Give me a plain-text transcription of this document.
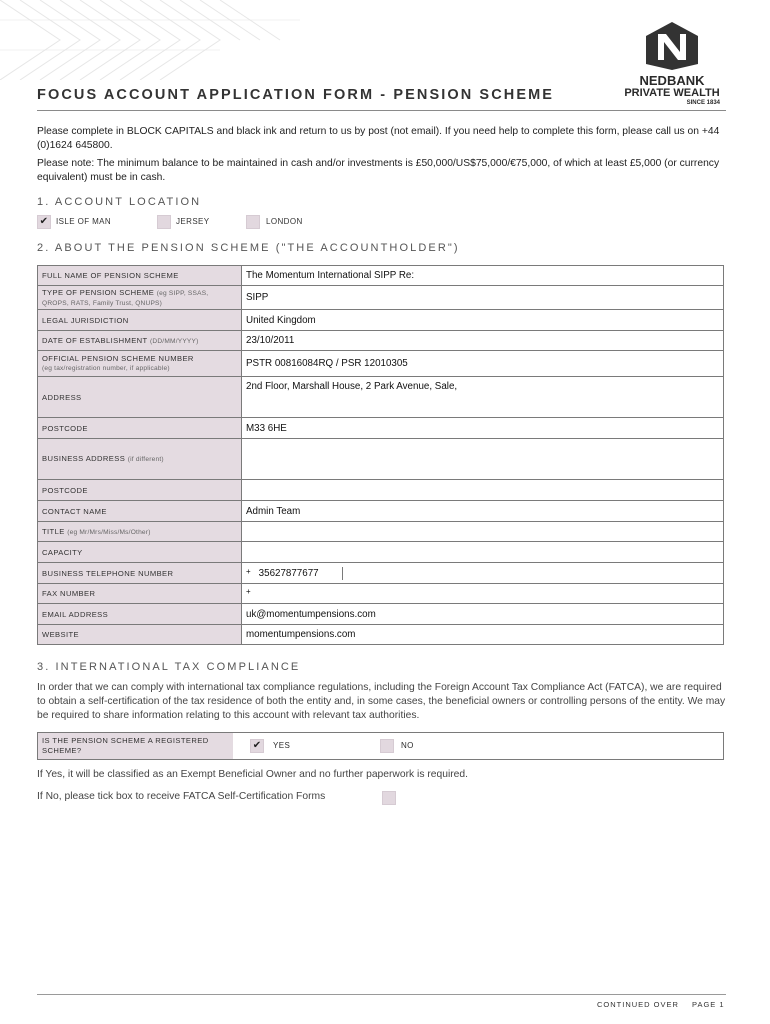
FOCUS ACCOUNT APPLICATION FORM - PENSION SCHEME
NEDBANK
PRIVATE WEALTH
SINCE 1834
Please complete in BLOCK CAPITALS and black ink and return to us by post (not email). If you need help to complete this form, please call us on +44 (0)1624 645800.
Please note: The minimum balance to be maintained in cash and/or investments is £50,000/US$75,000/€75,000, of which at least £5,000 (or currency equivalent) must be in cash.
1. ACCOUNT LOCATION
✔ ISLE OF MAN	JERSEY	LONDON
2. ABOUT THE PENSION SCHEME ("THE ACCOUNTHOLDER")
FULL NAME OF PENSION SCHEME	The Momentum International SIPP Re:
TYPE OF PENSION SCHEME (eg SIPP, SSAS, QROPS, RATS, Family Trust, QNUPS)	SIPP
LEGAL JURISDICTION	United Kingdom
DATE OF ESTABLISHMENT (DD/MM/YYYY)	23/10/2011
OFFICIAL PENSION SCHEME NUMBER
(eg tax/registration number, if applicable)	PSTR 00816084RQ / PSR 12010305
ADDRESS	2nd Floor, Marshall House, 2 Park Avenue, Sale,
POSTCODE	M33 6HE
BUSINESS ADDRESS (if different)	
POSTCODE	
CONTACT NAME	Admin Team
TITLE (eg Mr/Mrs/Miss/Ms/Other)	
CAPACITY	
BUSINESS TELEPHONE NUMBER	+ 35627877677

FAX NUMBER	+
EMAIL ADDRESS	uk@momentumpensions.com
WEBSITE	momentumpensions.com
3. INTERNATIONAL TAX COMPLIANCE
In order that we can comply with international tax compliance regulations, including the Foreign Account Tax Compliance Act (FATCA), we are required to obtain a self-certification of the tax residence of both the entity and, in some cases, the beneficial owners or controlling persons of the entity. We may be required to share information relating to this account with relevant tax authorities.
IS THE PENSION SCHEME A REGISTERED SCHEME?	✔	YES	NO
If Yes, it will be classified as an Exempt Beneficial Owner and no further paperwork is required.
If No, please tick box to receive FATCA Self-Certification Forms
CONTINUED OVER PAGE 1
